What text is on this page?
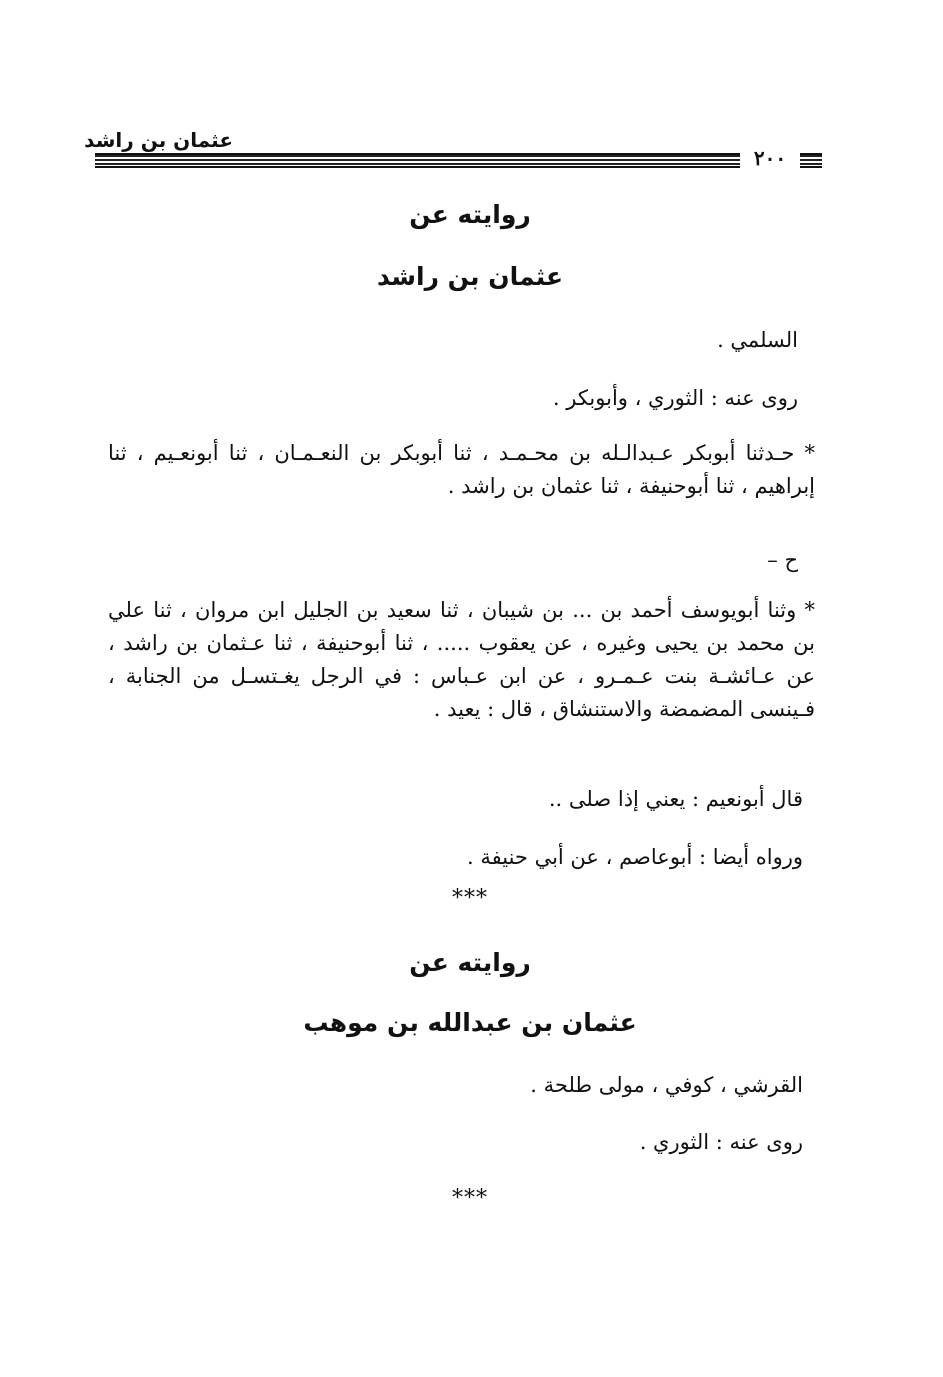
عثمان بن راشد
٢٠٠
روايته عن
عثمان بن راشد
السلمي .
روى عنه : الثوري ، وأبوبكر .
* حـدثنا أبوبكر عـبدالـله بن محـمـد ، ثنا أبوبكر بن النعـمـان ، ثنا أبونعـيم ، ثنا إبراهيم ، ثنا أبوحنيفة ، ثنا عثمان بن راشد .
ح –
* وثنا أبويوسف أحمد بن ... بن شيبان ، ثنا سعيد بن الجليل ابن مروان ، ثنا علي بن محمد بن يحيى وغيره ، عن يعقوب ..... ، ثنا أبوحنيفة ، ثنا عـثمان بن راشد ، عن عـائشـة بنت عـمـرو ، عن ابن عـباس : في الرجل يغـتسـل من الجنابة ، فـينسى المضمضة والاستنشاق ، قال : يعيد .
قال أبونعيم : يعني إذا صلى ..
ورواه أيضا : أبوعاصم ، عن أبي حنيفة .
***
روايته عن
عثمان بن عبدالله بن موهب
القرشي ، كوفي ، مولى طلحة .
روى عنه : الثوري .
***
